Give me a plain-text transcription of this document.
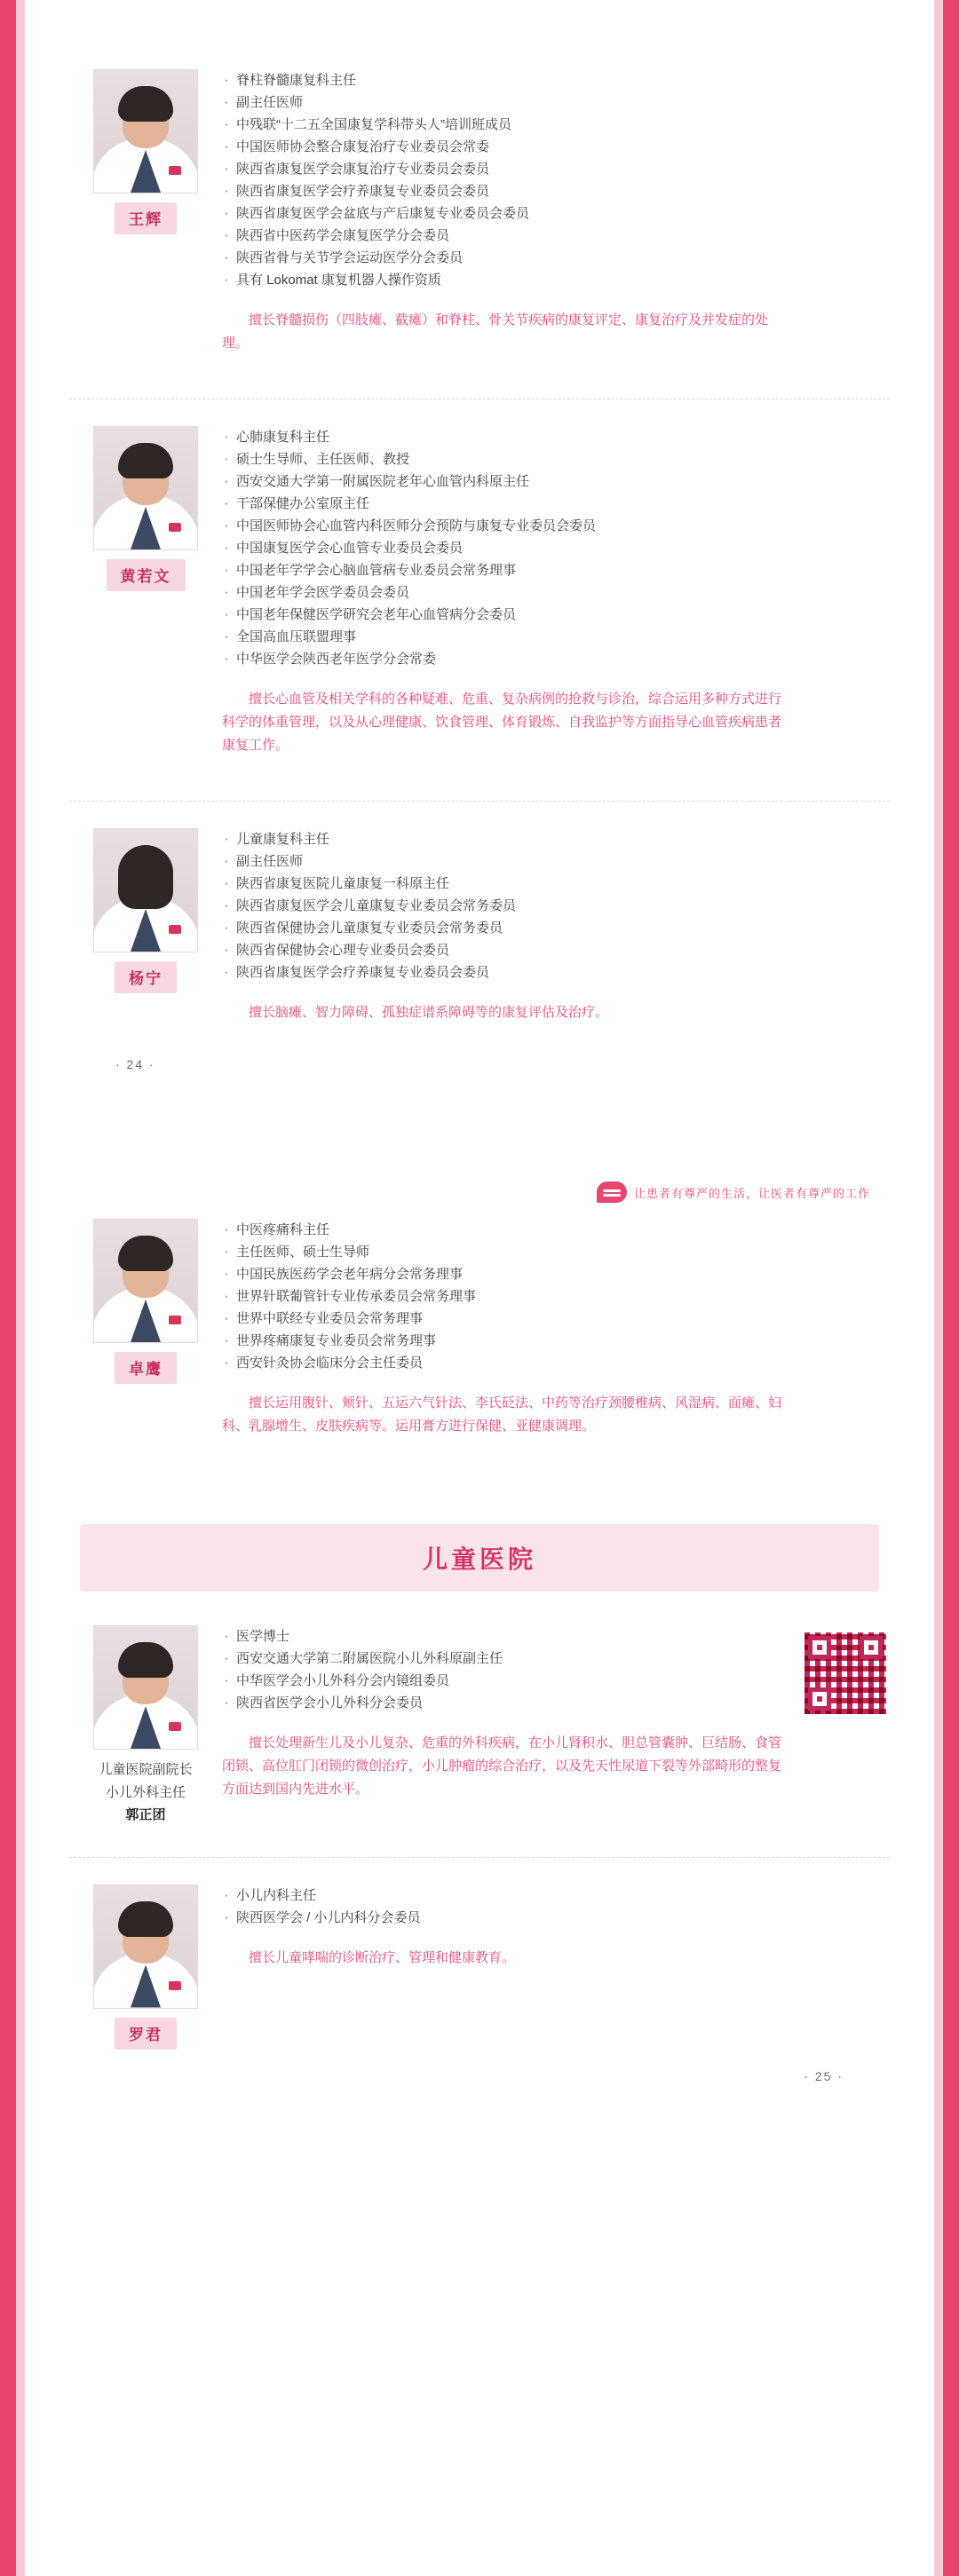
王辉
· 脊柱脊髓康复科主任
· 副主任医师
· 中残联“十二五全国康复学科带头人”培训班成员
· 中国医师协会整合康复治疗专业委员会常委
· 陕西省康复医学会康复治疗专业委员会委员
· 陕西省康复医学会疗养康复专业委员会委员
· 陕西省康复医学会盆底与产后康复专业委员会委员
· 陕西省中医药学会康复医学分会委员
· 陕西省骨与关节学会运动医学分会委员
· 具有 Lokomat 康复机器人操作资质

擅长脊髓损伤（四肢瘫、截瘫）和脊柱、骨关节疾病的康复评定、康复治疗及并发症的处理。

黄若文
· 心肺康复科主任
· 硕士生导师、主任医师、教授
· 西安交通大学第一附属医院老年心血管内科原主任
· 干部保健办公室原主任
· 中国医师协会心血管内科医师分会预防与康复专业委员会委员
· 中国康复医学会心血管专业委员会委员
· 中国老年学学会心脑血管病专业委员会常务理事
· 中国老年学会医学委员会委员
· 中国老年保健医学研究会老年心血管病分会委员
· 全国高血压联盟理事
· 中华医学会陕西老年医学分会常委

擅长心血管及相关学科的各种疑难、危重、复杂病例的抢救与诊治，综合运用多种方式进行科学的体重管理，以及从心理健康、饮食管理、体育锻炼、自我监护等方面指导心血管疾病患者康复工作。

杨宁
· 儿童康复科主任
· 副主任医师
· 陕西省康复医院儿童康复一科原主任
· 陕西省康复医学会儿童康复专业委员会常务委员
· 陕西省保健协会儿童康复专业委员会常务委员
· 陕西省保健协会心理专业委员会委员
· 陕西省康复医学会疗养康复专业委员会委员

擅长脑瘫、智力障碍、孤独症谱系障碍等的康复评估及治疗。

· 24 ·
让患者有尊严的生活，让医者有尊严的工作
卓鹰
· 中医疼痛科主任
· 主任医师、硕士生导师
· 中国民族医药学会老年病分会常务理事
· 世界针联葡管针专业传承委员会常务理事
· 世界中联经专业委员会常务理事
· 世界疼痛康复专业委员会常务理事
· 西安针灸协会临床分会主任委员

擅长运用腹针、颊针、五运六气针法、李氏砭法、中药等治疗颈腰椎病、风湿病、面瘫、妇科、乳腺增生、皮肤疾病等。运用膏方进行保健、亚健康调理。

儿童医院
儿童医院副院长
小儿外科主任
郭正团
· 医学博士
· 西安交通大学第二附属医院小儿外科原副主任
· 中华医学会小儿外科分会内镜组委员
· 陕西省医学会小儿外科分会委员

擅长处理新生儿及小儿复杂、危重的外科疾病，在小儿肾积水、胆总管囊肿、巨结肠、食管闭锁、高位肛门闭锁的微创治疗，小儿肿瘤的综合治疗，以及先天性尿道下裂等外部畸形的整复方面达到国内先进水平。

罗君
· 小儿内科主任
· 陕西医学会 / 小儿内科分会委员

擅长儿童哮喘的诊断治疗、管理和健康教育。

· 25 ·
